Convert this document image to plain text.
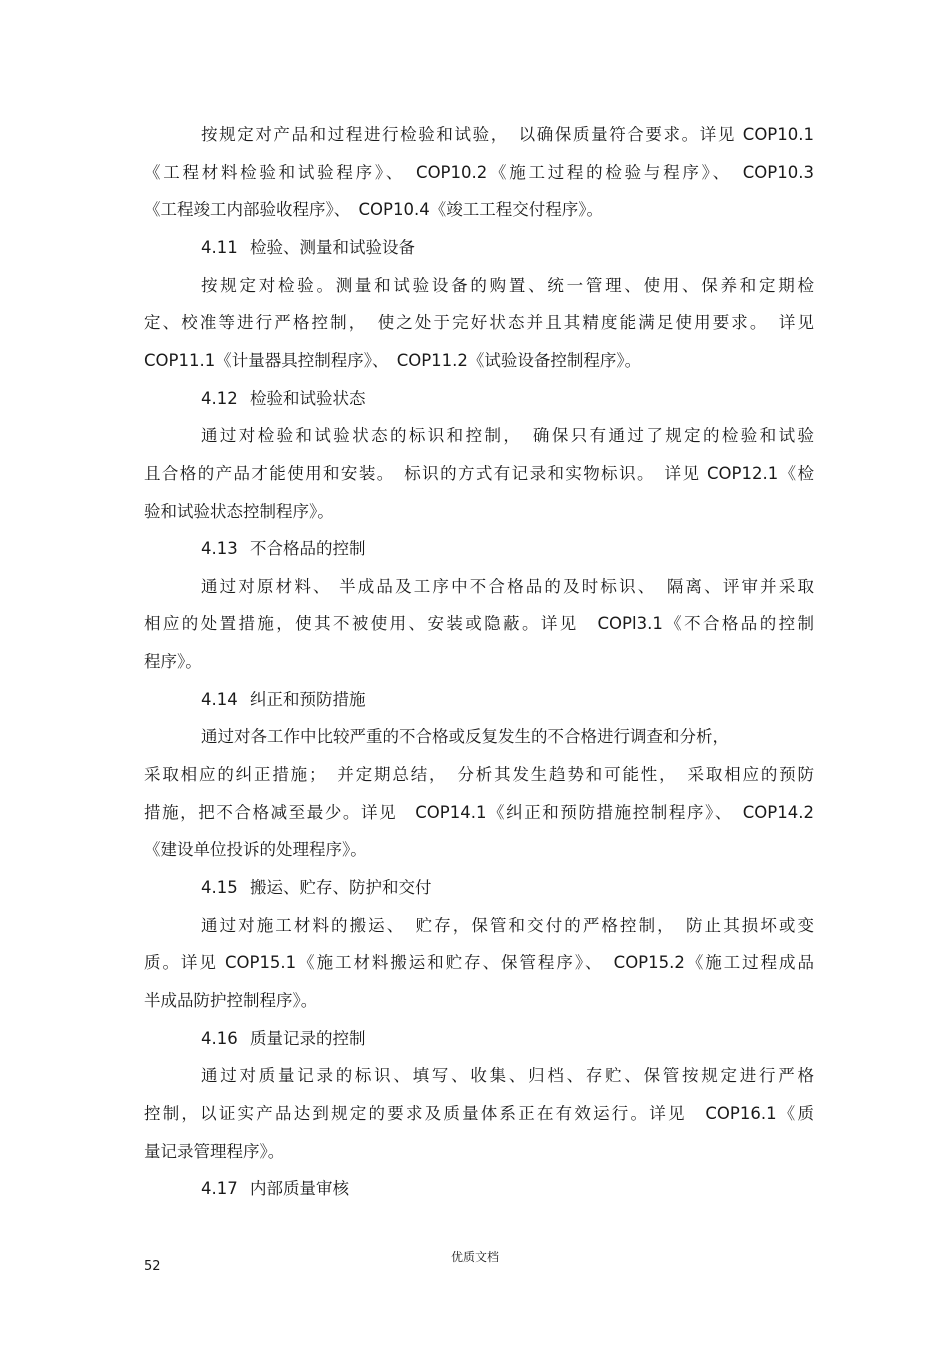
按规定对产品和过程进行检验和试验，　以确保质量符合要求。详见 COP10.1
《工程材料检验和试验程序》、　COP10.2《施工过程的检验与程序》、　COP10.3
《工程竣工内部验收程序》、　COP10.4《竣工工程交付程序》。
4.11 检验、测量和试验设备
按规定对检验。测量和试验设备的购置、统一管理、使用、保养和定期检
定、校准等进行严格控制，　使之处于完好状态并且其精度能满足使用要求。　详见
COP11.1《计量器具控制程序》、　COP11.2《试验设备控制程序》。
4.12 检验和试验状态
通过对检验和试验状态的标识和控制，　确保只有通过了规定的检验和试验
且合格的产品才能使用和安装。　标识的方式有记录和实物标识。　详见 COP12.1《检
验和试验状态控制程序》。
4.13 不合格品的控制
通过对原材料、 半成品及工序中不合格品的及时标识、　隔离、评审并采取
相应的处置措施，使其不被使用、安装或隐蔽。详见　COPl3.1《不合格品的控制
程序》。
4.14 纠正和预防措施
通过对各工作中比较严重的不合格或反复发生的不合格进行调查和分析，
采取相应的纠正措施；　并定期总结，　分析其发生趋势和可能性，　采取相应的预防
措施，把不合格减至最少。详见　COP14.1《纠正和预防措施控制程序》、　COP14.2
《建设单位投诉的处理程序》。
4.15 搬运、贮存、防护和交付
通过对施工材料的搬运、　贮存，保管和交付的严格控制，　防止其损坏或变
质。详见 COP15.1《施工材料搬运和贮存、保管程序》、　COP15.2《施工过程成品
半成品防护控制程序》。
4.16 质量记录的控制
通过对质量记录的标识、填写、收集、归档、存贮、保管按规定进行严格
控制，以证实产品达到规定的要求及质量体系正在有效运行。详见　COP16.1《质
量记录管理程序》。
4.17 内部质量审核
优质文档
52
